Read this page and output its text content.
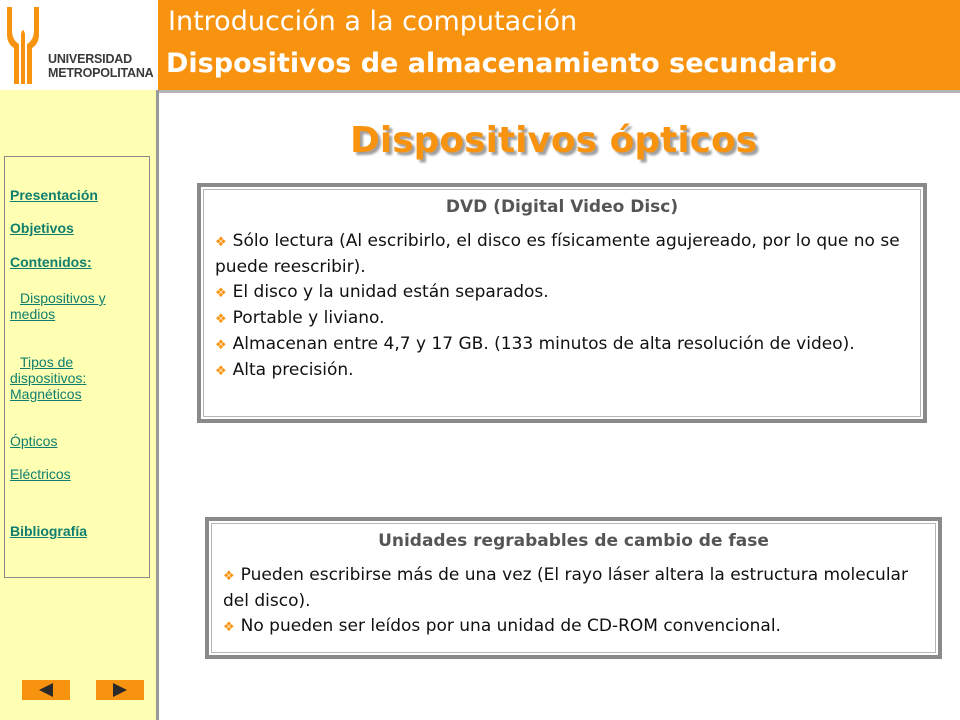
UNIVERSIDAD
METROPOLITANA
Introducción a la computación
Dispositivos de almacenamiento secundario
Presentación
Objetivos
Contenidos:
Dispositivos y medios
Tipos de dispositivos: Magnéticos
Ópticos
Eléctricos
Bibliografía
Dispositivos ópticos
DVD (Digital Video Disc)

❖ Sólo lectura (Al escribirlo, el disco es físicamente agujereado, por lo que no se puede reescribir).

❖ El disco y la unidad están separados.

❖ Portable y liviano.

❖ Almacenan entre 4,7 y 17 GB. (133 minutos de alta resolución de video).

❖ Alta precisión.

Unidades regrabables de cambio de fase

❖ Pueden escribirse más de una vez (El rayo láser altera la estructura molecular del disco).

❖ No pueden ser leídos por una unidad de CD-ROM convencional.
